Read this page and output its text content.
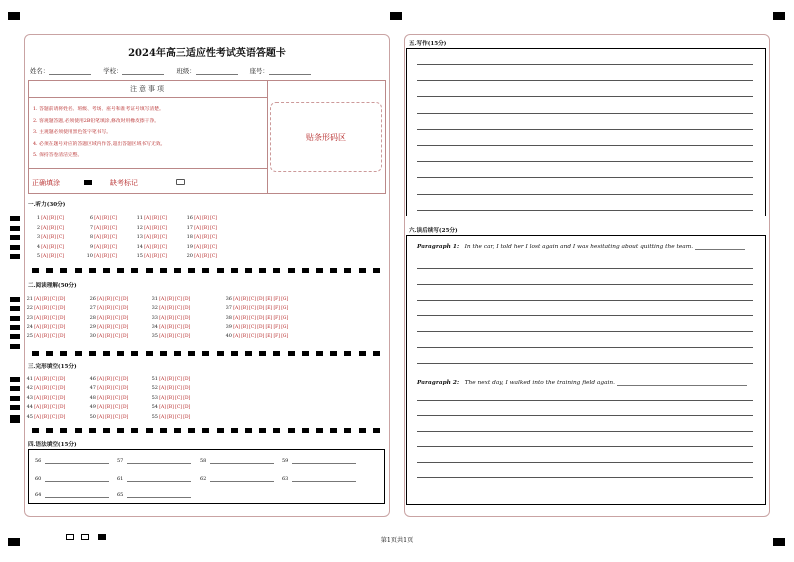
2024年高三适应性考试英语答题卡
姓名：	学校：	班级：	座号：
注意事项
1. 答题前请将姓名、班级、考场、座号和准考证号填写清楚。
2. 客观题答题,必须使用2B铅笔填涂,修改时用橡皮擦干净。
3. 主观题必须使用黑色签字笔书写。
4. 必须在题号对应的答题区域内作答,超出答题区域书写无效。
5. 保持答卷清洁完整。
正确填涂	缺考标记
贴条形码区
一.听力(30分)
1[A][B][C]	6[A][B][C]	11[A][B][C]	16[A][B][C]
2[A][B][C]	7[A][B][C]	12[A][B][C]	17[A][B][C]
3[A][B][C]	8[A][B][C]	13[A][B][C]	18[A][B][C]
4[A][B][C]	9[A][B][C]	14[A][B][C]	19[A][B][C]
5[A][B][C]	10[A][B][C]	15[A][B][C]	20[A][B][C]
二.阅读理解(50分)
21[A][B][C][D]	26[A][B][C][D]	31[A][B][C][D]	36[A][B][C][D][E][F][G]
22[A][B][C][D]	27[A][B][C][D]	32[A][B][C][D]	37[A][B][C][D][E][F][G]
23[A][B][C][D]	28[A][B][C][D]	33[A][B][C][D]	38[A][B][C][D][E][F][G]
24[A][B][C][D]	29[A][B][C][D]	34[A][B][C][D]	39[A][B][C][D][E][F][G]
25[A][B][C][D]	30[A][B][C][D]	35[A][B][C][D]	40[A][B][C][D][E][F][G]
三.完形填空(15分)
41[A][B][C][D]	46[A][B][C][D]	51[A][B][C][D]
42[A][B][C][D]	47[A][B][C][D]	52[A][B][C][D]
43[A][B][C][D]	48[A][B][C][D]	53[A][B][C][D]
44[A][B][C][D]	49[A][B][C][D]	54[A][B][C][D]
45[A][B][C][D]	50[A][B][C][D]	55[A][B][C][D]
四.语法填空(15分)
56	57	58	59
60	61	62	63
64	65
五.写作(15分)
六.读后续写(25分)
Paragraph 1: In the car, I told her I lost again and I was hesitating about quitting the team.
Paragraph 2: The next day, I walked into the training field again.
第1页共1页
